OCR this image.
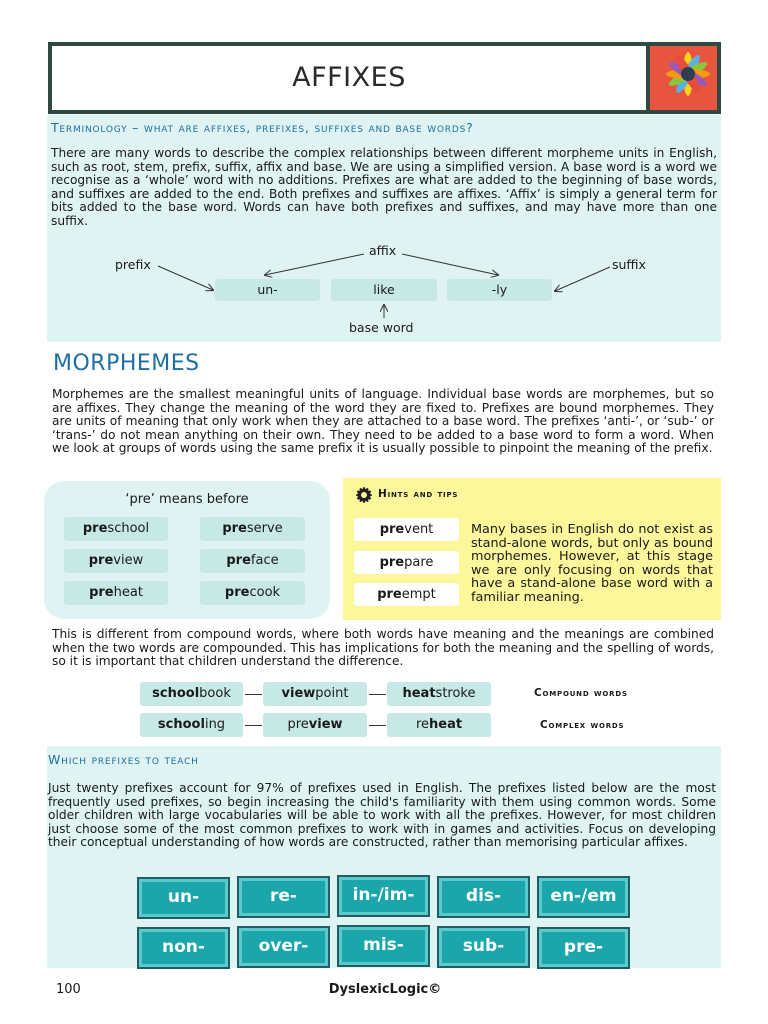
AFFIXES
Terminology – what are affixes, prefixes, suffixes and base words?
There are many words to describe the complex relationships between different morpheme units in English, such as root, stem, prefix, suffix, affix and base. We are using a simplified version. A base word is a word we recognise as a ‘whole’ word with no additions. Prefixes are what are added to the beginning of base words, and suffixes are added to the end. Both prefixes and suffixes are affixes. ‘Affix’ is simply a general term for bits added to the base word. Words can have both prefixes and suffixes, and may have more than one suffix.
affix
prefix	suffix
un-	like	-ly
base word
MORPHEMES
Morphemes are the smallest meaningful units of language. Individual base words are morphemes, but so are affixes. They change the meaning of the word they are fixed to. Prefixes are bound morphemes. They are units of meaning that only work when they are attached to a base word. The prefixes ‘anti-’, or ‘sub-’ or ‘trans-’ do not mean anything on their own. They need to be added to a base word to form a word. When we look at groups of words using the same prefix it is usually possible to pinpoint the meaning of the prefix.
‘pre’ means before
preschool	preserve
preview	preface
preheat	precook
Hints and tips
prevent
prepare
preempt
Many bases in English do not exist as stand-alone words, but only as bound morphemes. However, at this stage we are only focusing on words that have a stand-alone base word with a familiar meaning.
This is different from compound words, where both words have meaning and the meanings are combined when the two words are compounded. This has implications for both the meaning and the spelling of words, so it is important that children understand the difference.
schoolbook	viewpoint	heatstroke	Compound words
schooling	preview	reheat	Complex words
Which prefixes to teach
Just twenty prefixes account for 97% of prefixes used in English. The prefixes listed below are the most frequently used prefixes, so begin increasing the child's familiarity with them using common words. Some older children with large vocabularies will be able to work with all the prefixes. However, for most children just choose some of the most common prefixes to work with in games and activities. Focus on developing their conceptual understanding of how words are constructed, rather than memorising particular affixes.
un-	re-	in-/im-	dis-	en-/em
non-	over-	mis-	sub-	pre-
100	DyslexicLogic©
